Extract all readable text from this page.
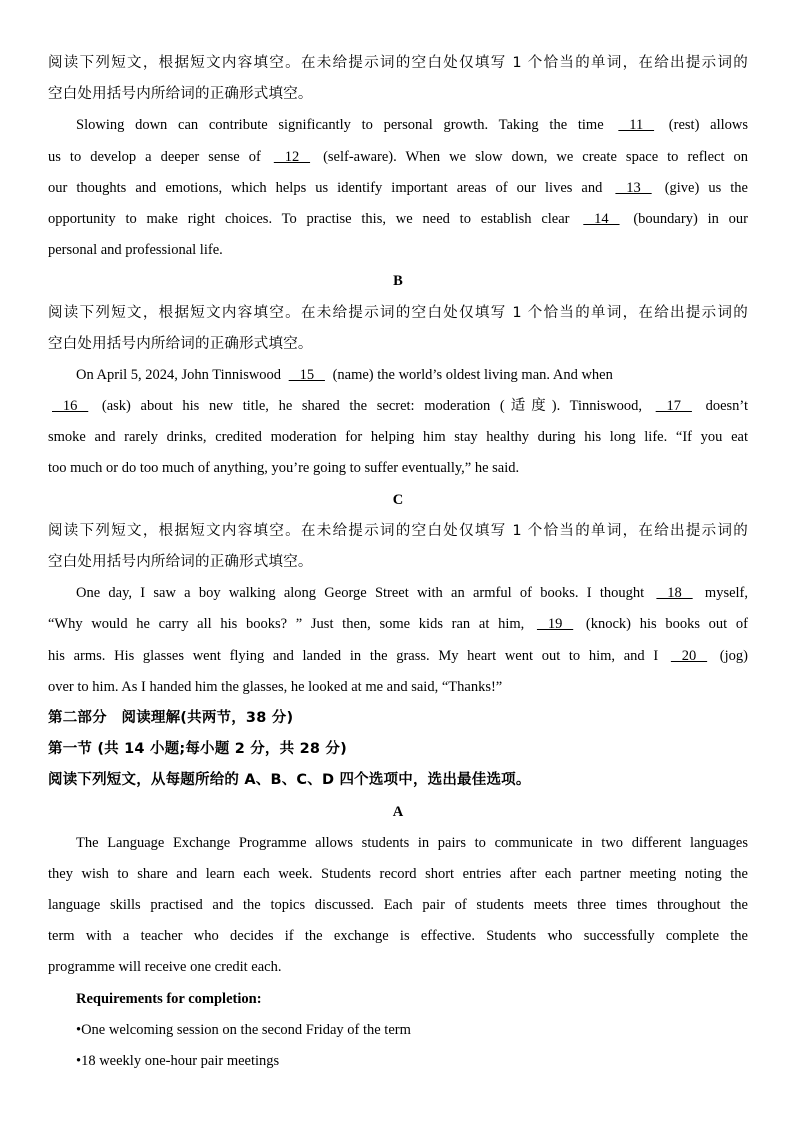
阅读下列短文，根据短文内容填空。在未给提示词的空白处仅填写 1 个恰当的单词，在给出提示词的
空白处用括号内所给词的正确形式填空。
Slowing down can contribute significantly to personal growth. Taking the time    11    (rest) allows
us to develop a deeper sense of    12    (self-aware). When we slow down, we create space to reflect on
our thoughts and emotions, which helps us identify important areas of our lives and    13    (give) us the
opportunity to make right choices. To practise this, we need to establish clear    14    (boundary) in our
personal and professional life.
B
阅读下列短文，根据短文内容填空。在未给提示词的空白处仅填写 1 个恰当的单词，在给出提示词的
空白处用括号内所给词的正确形式填空。
On April 5, 2024, John Tinniswood    15    (name) the world’s oldest living man. And when
16    (ask) about his new title, he shared the secret: moderation (适度). Tinniswood,    17    doesn’t
smoke and rarely drinks, credited moderation for helping him stay healthy during his long life. “If you eat
too much or do too much of anything, you’re going to suffer eventually,” he said.
C
阅读下列短文，根据短文内容填空。在未给提示词的空白处仅填写 1 个恰当的单词，在给出提示词的
空白处用括号内所给词的正确形式填空。
One day, I saw a boy walking along George Street with an armful of books. I thought    18    myself,
“Why would he carry all his books? ” Just then, some kids ran at him,    19    (knock) his books out of
his arms. His glasses went flying and landed in the grass. My heart went out to him, and I    20    (jog)
over to him. As I handed him the glasses, he looked at me and said, “Thanks!”
第二部分　阅读理解(共两节，38 分)
第一节 (共 14 小题;每小题 2 分，共 28 分)
阅读下列短文，从每题所给的 A、B、C、D 四个选项中，选出最佳选项。
A
The Language Exchange Programme allows students in pairs to communicate in two different languages
they wish to share and learn each week. Students record short entries after each partner meeting noting the
language skills practised and the topics discussed. Each pair of students meets three times throughout the
term with a teacher who decides if the exchange is effective. Students who successfully complete the
programme will receive one credit each.
Requirements for completion:
•One welcoming session on the second Friday of the term
•18 weekly one-hour pair meetings
